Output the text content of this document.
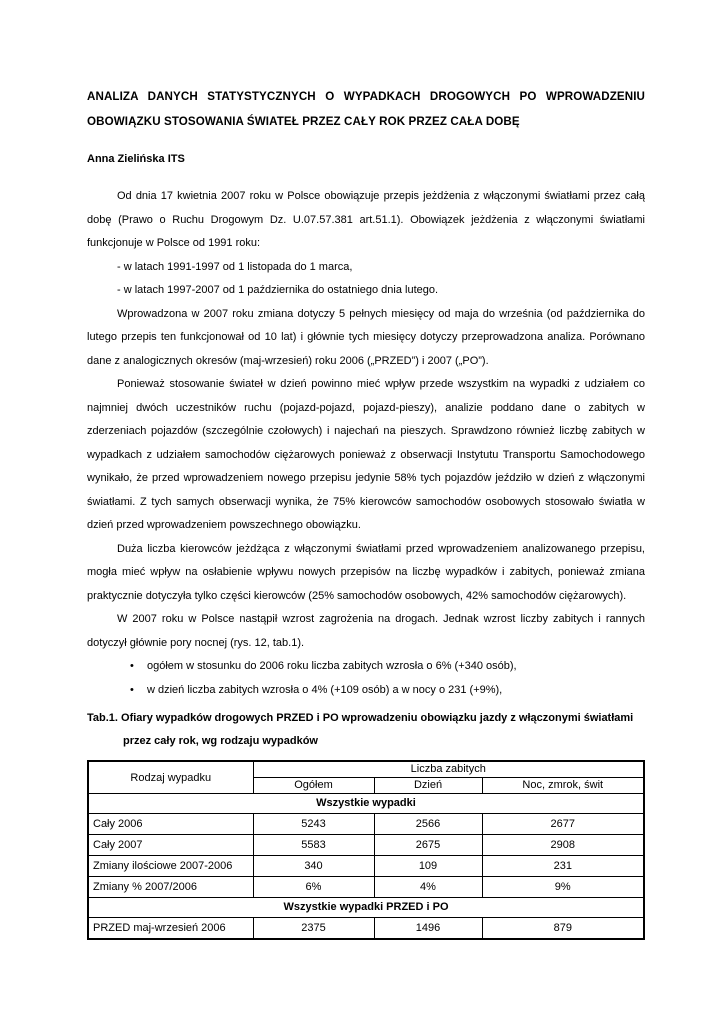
ANALIZA DANYCH STATYSTYCZNYCH O WYPADKACH DROGOWYCH PO WPROWADZENIU
OBOWIĄZKU STOSOWANIA ŚWIATEŁ PRZEZ CAŁY ROK PRZEZ CAŁA DOBĘ
Anna Zielińska ITS

Od dnia 17 kwietnia 2007 roku w Polsce obowiązuje przepis jeżdżenia z włączonymi światłami przez całą dobę (Prawo o Ruchu Drogowym Dz. U.07.57.381 art.51.1). Obowiązek jeżdżenia z włączonymi światłami funkcjonuje w Polsce od 1991 roku:

- w latach 1991-1997 od 1 listopada do 1 marca,
- w latach 1997-2007 od 1 października do ostatniego dnia lutego.

Wprowadzona w 2007 roku zmiana dotyczy 5 pełnych miesięcy od maja do września (od października do lutego przepis ten funkcjonował od 10 lat) i głównie tych miesięcy dotyczy przeprowadzona analiza. Porównano dane z analogicznych okresów (maj-wrzesień) roku 2006 („PRZED”) i 2007 („PO”).

Ponieważ stosowanie świateł w dzień powinno mieć wpływ przede wszystkim na wypadki z udziałem co najmniej dwóch uczestników ruchu (pojazd-pojazd, pojazd-pieszy), analizie poddano dane o zabitych w zderzeniach pojazdów (szczególnie czołowych) i najechań na pieszych. Sprawdzono również liczbę zabitych w wypadkach z udziałem samochodów ciężarowych ponieważ z obserwacji Instytutu Transportu Samochodowego wynikało, że przed wprowadzeniem nowego przepisu jedynie 58% tych pojazdów jeździło w dzień z włączonymi światłami. Z tych samych obserwacji wynika, że 75% kierowców samochodów osobowych stosowało światła w dzień przed wprowadzeniem powszechnego obowiązku.

Duża liczba kierowców jeżdżąca z włączonymi światłami przed wprowadzeniem analizowanego przepisu, mogła mieć wpływ na osłabienie wpływu nowych przepisów na liczbę wypadków i zabitych, ponieważ zmiana praktycznie dotyczyła tylko części kierowców (25% samochodów osobowych, 42% samochodów ciężarowych).

W 2007 roku w Polsce nastąpił wzrost zagrożenia na drogach. Jednak wzrost liczby zabitych i rannych dotyczył głównie pory nocnej (rys. 12, tab.1).

• ogółem w stosunku do 2006 roku liczba zabitych wzrosła o 6% (+340 osób),
• w dzień liczba zabitych wzrosła o 4% (+109 osób) a w nocy o 231 (+9%),
Tab.1. Ofiary wypadków drogowych PRZED i PO wprowadzeniu obowiązku jazdy z włączonymi światłami
przez cały rok, wg rodzaju wypadków
Rodzaj wypadku	Liczba zabitych		
	Ogółem	Dzień	Noc, zmrok, świt
Wszystkie wypadki			
Cały 2006	5243	2566	2677
Cały 2007	5583	2675	2908
Zmiany ilościowe 2007-2006	340	109	231
Zmiany % 2007/2006	6%	4%	9%
Wszystkie wypadki PRZED i PO			
PRZED maj-wrzesień 2006	2375	1496	879
